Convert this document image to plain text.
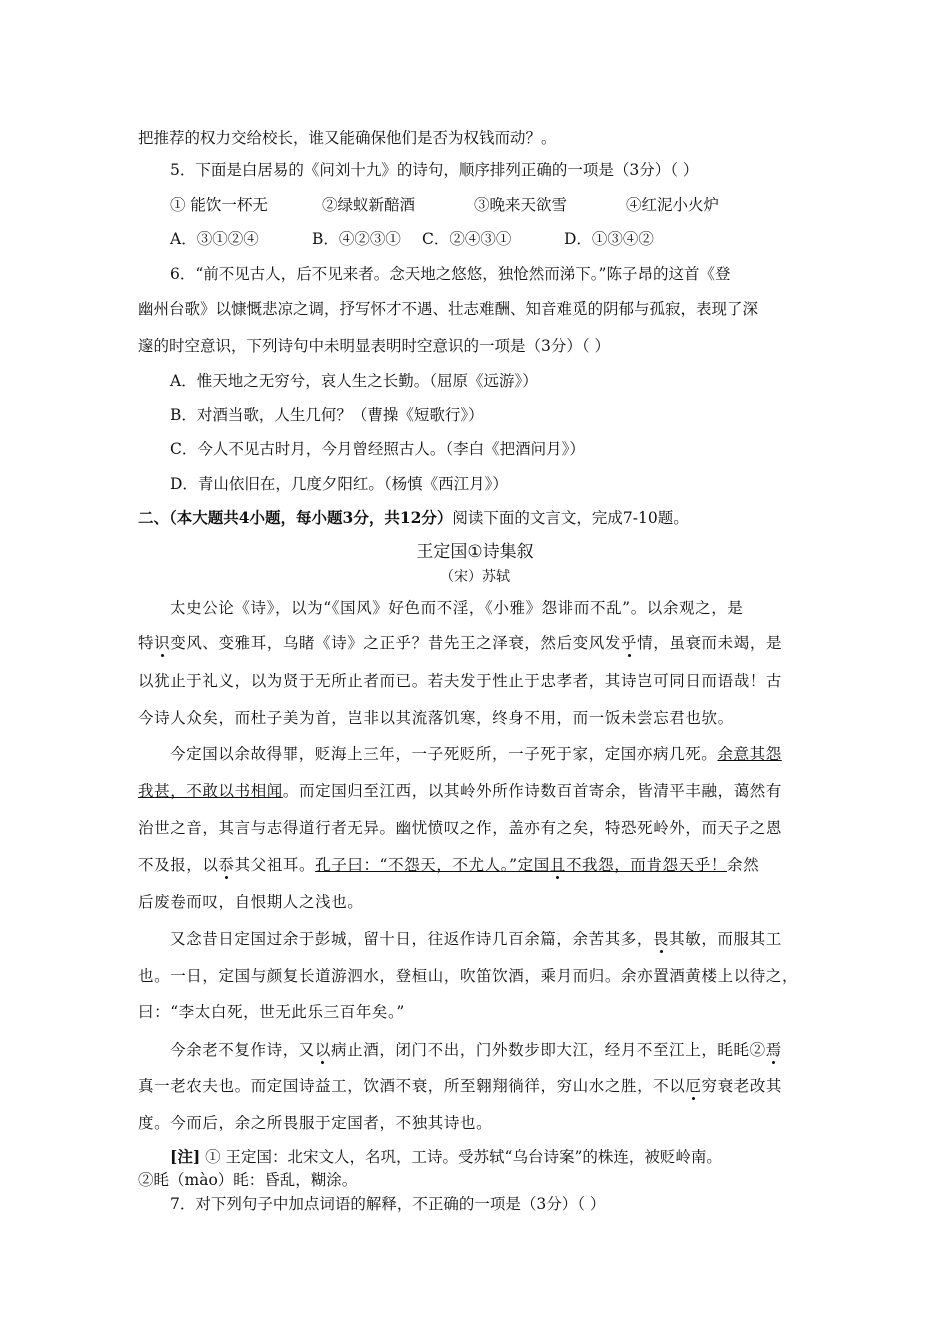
把推荐的权力交给校长，谁又能确保他们是否为权钱而动？。
5．下面是白居易的《问刘十九》的诗句，顺序排列正确的一项是（3分）（ ）
① 能饮一杯无	②绿蚁新醅酒	③晚来天欲雪	④红泥小火炉
A．③①②④	B．④②③① C．②④③①	D．①③④②
6．“前不见古人，后不见来者。念天地之悠悠，独怆然而涕下。”陈子昂的这首《登
幽州台歌》以慷慨悲凉之调，抒写怀才不遇、壮志难酬、知音难觅的阴郁与孤寂，表现了深
邃的时空意识，下列诗句中未明显表明时空意识的一项是（3分）（ ）
A．惟天地之无穷兮，哀人生之长勤。（屈原《远游》）
B．对酒当歌，人生几何？（曹操《短歌行》）
C．今人不见古时月，今月曾经照古人。（李白《把酒问月》）
D．青山依旧在，几度夕阳红。（杨慎《西江月》）
二、（本大题共4小题，每小题3分，共12分）阅读下面的文言文，完成7-10题。
王定国①诗集叙
（宋）苏轼
太史公论《诗》，以为“《国风》好色而不淫，《小雅》怨诽而不乱”。以余观之，是
特识变风、变雅耳，乌睹《诗》之正乎？昔先王之泽衰，然后变风发乎情，虽衰而未竭，是
以犹止于礼义，以为贤于无所止者而已。若夫发于性止于忠孝者，其诗岂可同日而语哉！古
今诗人众矣，而杜子美为首，岂非以其流落饥寒，终身不用，而一饭未尝忘君也欤。
今定国以余故得罪，贬海上三年，一子死贬所，一子死于家，定国亦病几死。余意其怨
我甚，不敢以书相闻。而定国归至江西，以其岭外所作诗数百首寄余，皆清平丰融，蔼然有
治世之音，其言与志得道行者无异。幽忧愤叹之作，盖亦有之矣，特恐死岭外，而天子之恩
不及报，以忝其父祖耳。孔子曰：“不怨天，不尤人。”定国且不我怨，而肯怨天乎！余然
后废卷而叹，自恨期人之浅也。
又念昔日定国过余于彭城，留十日，往返作诗几百余篇，余苦其多，畏其敏，而服其工
也。一日，定国与颜复长道游泗水，登桓山，吹笛饮酒，乘月而归。余亦置酒黄楼上以待之，
曰：“李太白死，世无此乐三百年矣。”
今余老不复作诗，又以病止酒，闭门不出，门外数步即大江，经月不至江上，眊眊②焉
真一老农夫也。而定国诗益工，饮酒不衰，所至翱翔徜徉，穷山水之胜，不以厄穷衰老改其
度。今而后，余之所畏服于定国者，不独其诗也。
[注] ① 王定国：北宋文人，名巩，工诗。受苏轼“乌台诗案”的株连，被贬岭南。
②眊（mào）眊：昏乱，糊涂。
7．对下列句子中加点词语的解释，不正确的一项是（3分）（ ）
